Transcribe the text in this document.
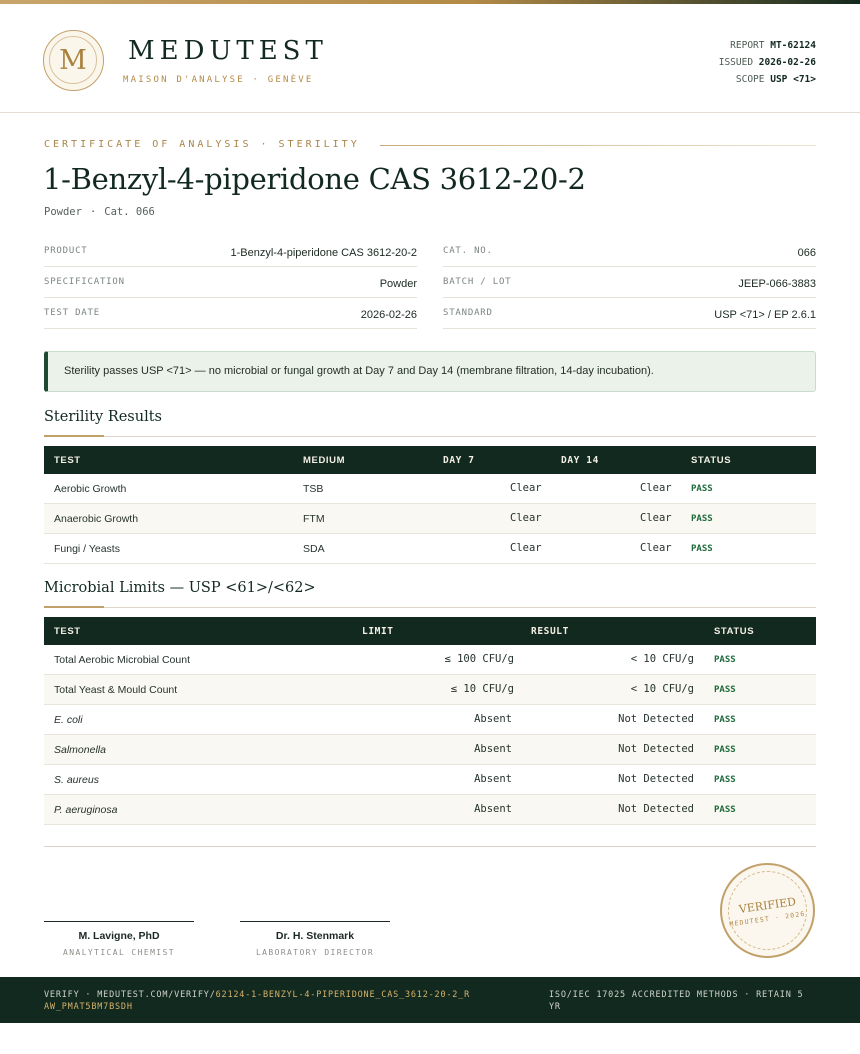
M	MEDUTEST
MAISON D'ANALYSE · GENÈVE
REPORT MT-62124
ISSUED 2026-02-26
SCOPE USP <71>
CERTIFICATE OF ANALYSIS · STERILITY
1-Benzyl-4-piperidone CAS 3612-20-2
Powder · Cat. 066
PRODUCT	1-Benzyl-4-piperidone CAS 3612-20-2
SPECIFICATION	Powder
TEST DATE	2026-02-26
CAT. NO.	066
BATCH / LOT	JEEP-066-3883
STANDARD	USP <71> / EP 2.6.1
Sterility passes USP <71> — no microbial or fungal growth at Day 7 and Day 14 (membrane filtration, 14-day incubation).
Sterility Results
TEST	MEDIUM	DAY 7	DAY 14	STATUS
Aerobic Growth	TSB	Clear	Clear PASS
Anaerobic Growth	FTM	Clear	Clear PASS
Fungi / Yeasts	SDA	Clear	Clear PASS
Microbial Limits — USP <61>/<62>
TEST	LIMIT	RESULT	STATUS
Total Aerobic Microbial Count	≤ 100 CFU/g	< 10 CFU/g PASS
Total Yeast & Mould Count	≤ 10 CFU/g	< 10 CFU/g PASS
E. coli	Absent	Not Detected PASS
Salmonella	Absent	Not Detected PASS
S. aureus	Absent	Not Detected PASS
P. aeruginosa	Absent	Not Detected PASS
M. Lavigne, PhD
ANALYTICAL CHEMIST
Dr. H. Stenmark
LABORATORY DIRECTOR
VERIFIED
MEDUTEST · 2026
VERIFY · MEDUTEST.COM/VERIFY/62124-1-BENZYL-4-PIPERIDONE_CAS_3612-20-2_RAW_PMAT5BM7BSDH
ISO/IEC 17025 ACCREDITED METHODS · RETAIN 5 YR
